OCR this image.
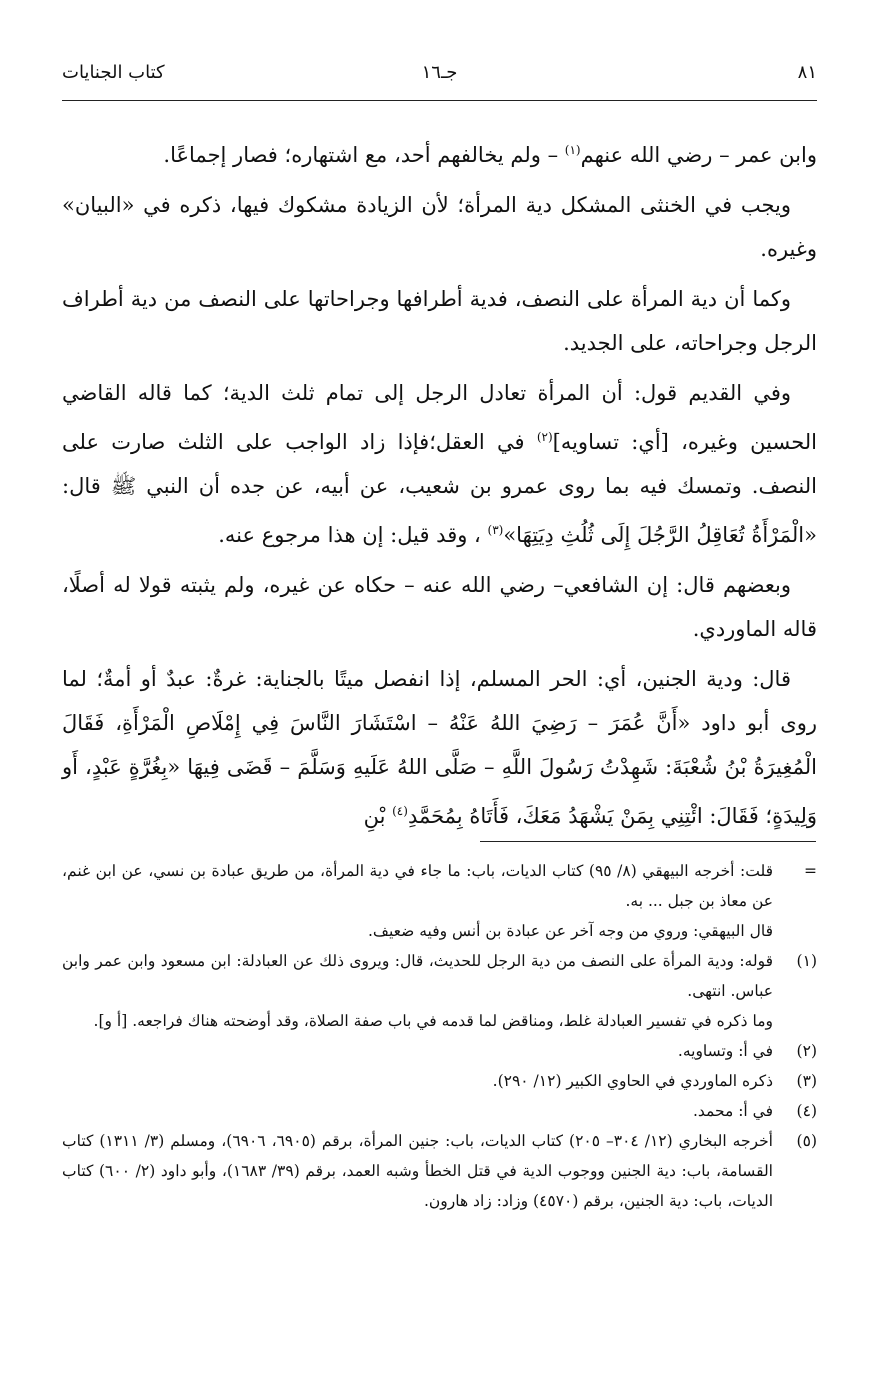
٨١
جـ١٦
كتاب الجنايات

وابن عمر – رضي الله عنهم$^{(١)}$ – ولم يخالفهم أحد، مع اشتهاره؛ فصار إجماعًا.

ويجب في الخنثى المشكل دية المرأة؛ لأن الزيادة مشكوك فيها، ذكره في «البيان» وغيره.

وكما أن دية المرأة على النصف، فدية أطرافها وجراحاتها على النصف من دية أطراف الرجل وجراحاته، على الجديد.

وفي القديم قول: أن المرأة تعادل الرجل إلى تمام ثلث الدية؛ كما قاله القاضي الحسين وغيره، [أي: تساويه]$^{(٢)}$ في العقل؛فإذا زاد الواجب على الثلث صارت على النصف. وتمسك فيه بما روى عمرو بن شعيب، عن أبيه، عن جده أن النبي ﷺ قال: «الْمَرْأَةُ تُعَاقِلُ الرَّجُلَ إِلَى ثُلُثِ دِيَتِهَا»$^{(٣)}$ ، وقد قيل: إن هذا مرجوع عنه.

وبعضهم قال: إن الشافعي– رضي الله عنه – حكاه عن غيره، ولم يثبته قولا له أصلًا، قاله الماوردي.

قال: ودية الجنين، أي: الحر المسلم، إذا انفصل ميتًا بالجناية: غرةٌ: عبدٌ أو أمةٌ؛ لما روى أبو داود «أَنَّ عُمَرَ – رَضِيَ اللهُ عَنْهُ – اسْتَشَارَ النَّاسَ فِي إِمْلَاصِ الْمَرْأَةِ، فَقَالَ الْمُغِيرَةُ بْنُ شُعْبَةَ: شَهِدْتُ رَسُولَ اللَّهِ – صَلَّى اللهُ عَلَيهِ وَسَلَّمَ – قَضَى فِيهَا «بِغُرَّةٍ عَبْدٍ، أَو وَلِيدَةٍ؛ فَقَالَ: ائْتِنِي بِمَنْ يَشْهَدُ مَعَكَ، فَأَتَاهُ بِمُحَمَّدِ$^{(٤)}$ بْنِ

=

قلت: أخرجه البيهقي (٨/ ٩٥) كتاب الديات، باب: ما جاء في دية المرأة، من طريق عبادة بن نسي، عن ابن غنم، عن معاذ بن جبل ... به.

قال البيهقي: وروي من وجه آخر عن عبادة بن أنس وفيه ضعيف.

(١)

قوله: ودية المرأة على النصف من دية الرجل للحديث، قال: ويروى ذلك عن العبادلة: ابن مسعود وابن عمر وابن عباس. انتهى.

وما ذكره في تفسير العبادلة غلط، ومناقض لما قدمه في باب صفة الصلاة، وقد أوضحته هناك فراجعه. [أ و].

(٢)

في أ: وتساويه.

(٣)

ذكره الماوردي في الحاوي الكبير (١٢/ ٢٩٠).

(٤)

في أ: محمد.

(٥)

أخرجه البخاري (١٢/ ٣٠٤– ٢٠٥) كتاب الديات، باب: جنين المرأة، برقم (٦٩٠٥، ٦٩٠٦)، ومسلم (٣/ ١٣١١) كتاب القسامة، باب: دية الجنين ووجوب الدية في قتل الخطأ وشبه العمد، برقم (٣٩/ ١٦٨٣)، وأبو داود (٢/ ٦٠٠) كتاب الديات، باب: دية الجنين، برقم (٤٥٧٠) وزاد: زاد هارون.
